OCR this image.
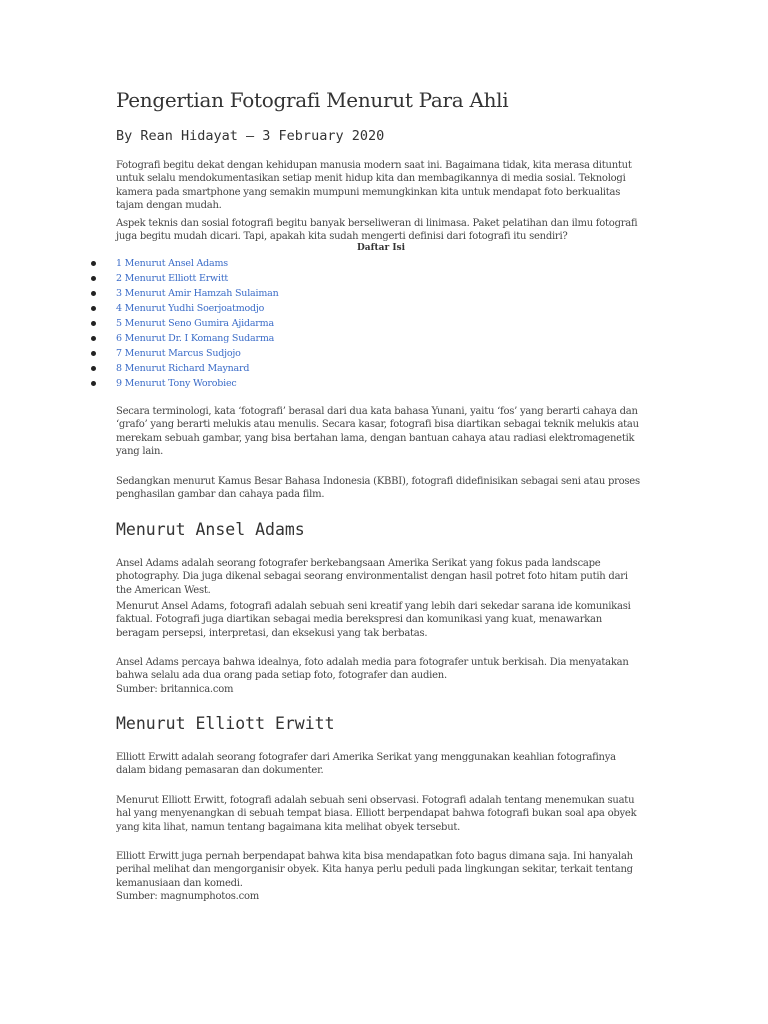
Pengertian Fotografi Menurut Para Ahli

By Rean Hidayat – 3 February 2020

Fotografi begitu dekat dengan kehidupan manusia modern saat ini. Bagaimana tidak, kita merasa dituntut untuk selalu mendokumentasikan setiap menit hidup kita dan membagikannya di media sosial. Teknologi kamera pada smartphone yang semakin mumpuni memungkinkan kita untuk mendapat foto berkualitas tajam dengan mudah.

Aspek teknis dan sosial fotografi begitu banyak berseliweran di linimasa. Paket pelatihan dan ilmu fotografi juga begitu mudah dicari. Tapi, apakah kita sudah mengerti definisi dari fotografi itu sendiri?

Daftar Isi

1 Menurut Ansel Adams
2 Menurut Elliott Erwitt
3 Menurut Amir Hamzah Sulaiman
4 Menurut Yudhi Soerjoatmodjo
5 Menurut Seno Gumira Ajidarma
6 Menurut Dr. I Komang Sudarma
7 Menurut Marcus Sudjojo
8 Menurut Richard Maynard
9 Menurut Tony Worobiec

Secara terminologi, kata ‘fotografi’ berasal dari dua kata bahasa Yunani, yaitu ‘fos’ yang berarti cahaya dan ‘grafo’ yang berarti melukis atau menulis. Secara kasar, fotografi bisa diartikan sebagai teknik melukis atau merekam sebuah gambar, yang bisa bertahan lama, dengan bantuan cahaya atau radiasi elektromagenetik yang lain.

Sedangkan menurut Kamus Besar Bahasa Indonesia (KBBI), fotografi didefinisikan sebagai seni atau proses penghasilan gambar dan cahaya pada film.

Menurut Ansel Adams

Ansel Adams adalah seorang fotografer berkebangsaan Amerika Serikat yang fokus pada landscape photography. Dia juga dikenal sebagai seorang environmentalist dengan hasil potret foto hitam putih dari the American West.

Menurut Ansel Adams, fotografi adalah sebuah seni kreatif yang lebih dari sekedar sarana ide komunikasi faktual. Fotografi juga diartikan sebagai media berekspresi dan komunikasi yang kuat, menawarkan beragam persepsi, interpretasi, dan eksekusi yang tak berbatas.

Ansel Adams percaya bahwa idealnya, foto adalah media para fotografer untuk berkisah. Dia menyatakan bahwa selalu ada dua orang pada setiap foto, fotografer dan audien.
Sumber: britannica.com
Menurut Elliott Erwitt

Elliott Erwitt adalah seorang fotografer dari Amerika Serikat yang menggunakan keahlian fotografinya dalam bidang pemasaran dan dokumenter.

Menurut Elliott Erwitt, fotografi adalah sebuah seni observasi. Fotografi adalah tentang menemukan suatu hal yang menyenangkan di sebuah tempat biasa. Elliott berpendapat bahwa fotografi bukan soal apa obyek yang kita lihat, namun tentang bagaimana kita melihat obyek tersebut.

Elliott Erwitt juga pernah berpendapat bahwa kita bisa mendapatkan foto bagus dimana saja. Ini hanyalah perihal melihat dan mengorganisir obyek. Kita hanya perlu peduli pada lingkungan sekitar, terkait tentang kemanusiaan dan komedi.
Sumber: magnumphotos.com
